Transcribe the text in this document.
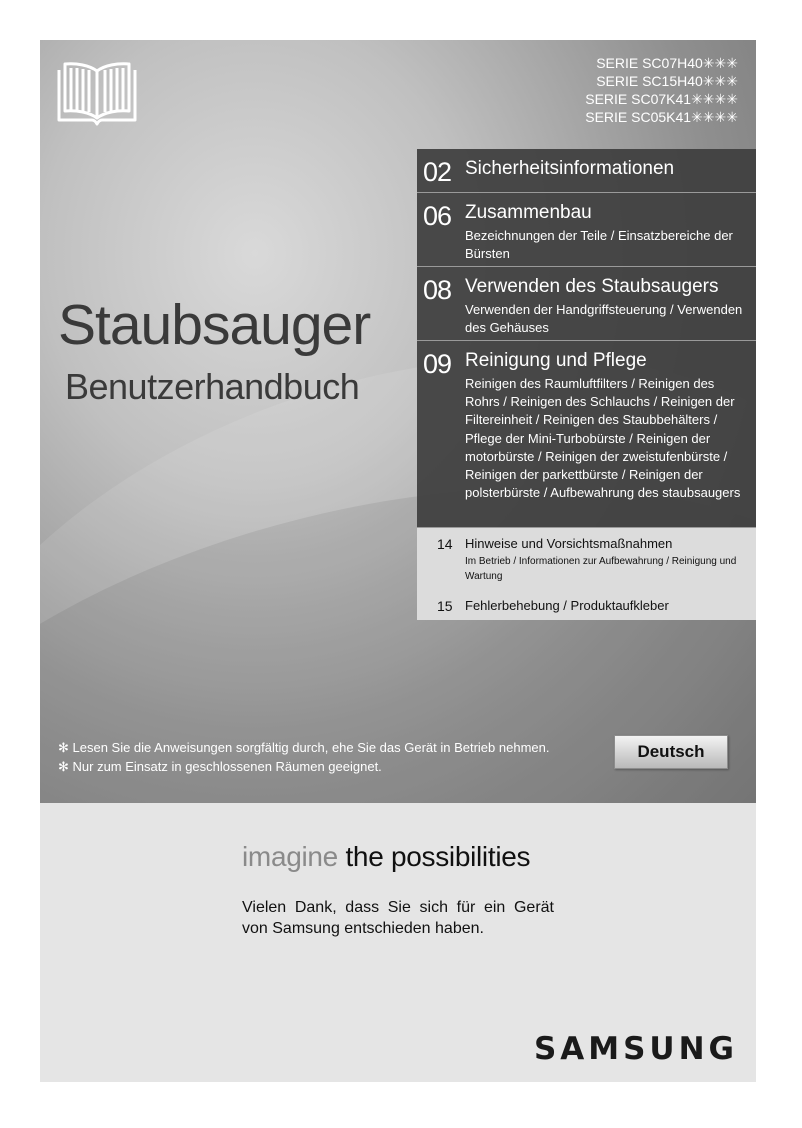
SERIE SC07H40✳✳✳
SERIE SC15H40✳✳✳
SERIE SC07K41✳✳✳✳
SERIE SC05K41✳✳✳✳
Staubsauger
Benutzerhandbuch
02 Sicherheitsinformationen
06 Zusammenbau
Bezeichnungen der Teile / Einsatzbereiche der Bürsten
08 Verwenden des Staubsaugers
Verwenden der Handgriffsteuerung / Verwenden des Gehäuses
09 Reinigung und Pflege
Reinigen des Raumluftfilters / Reinigen des Rohrs / Reinigen des Schlauchs / Reinigen der Filtereinheit / Reinigen des Staubbehälters / Pflege der Mini-Turbobürste / Reinigen der motorbürste / Reinigen der zweistufenbürste / Reinigen der parkettbürste / Reinigen der polsterbürste / Aufbewahrung des staubsaugers
14 Hinweise und Vorsichtsmaßnahmen
Im Betrieb / Informationen zur Aufbewahrung / Reinigung und Wartung
15 Fehlerbehebung / Produktaufkleber
✻ Lesen Sie die Anweisungen sorgfältig durch, ehe Sie das Gerät in Betrieb nehmen.
✻ Nur zum Einsatz in geschlossenen Räumen geeignet.
Deutsch
imagine the possibilities
Vielen Dank, dass Sie sich für ein Gerät von Samsung entschieden haben.
SAMSUNG
